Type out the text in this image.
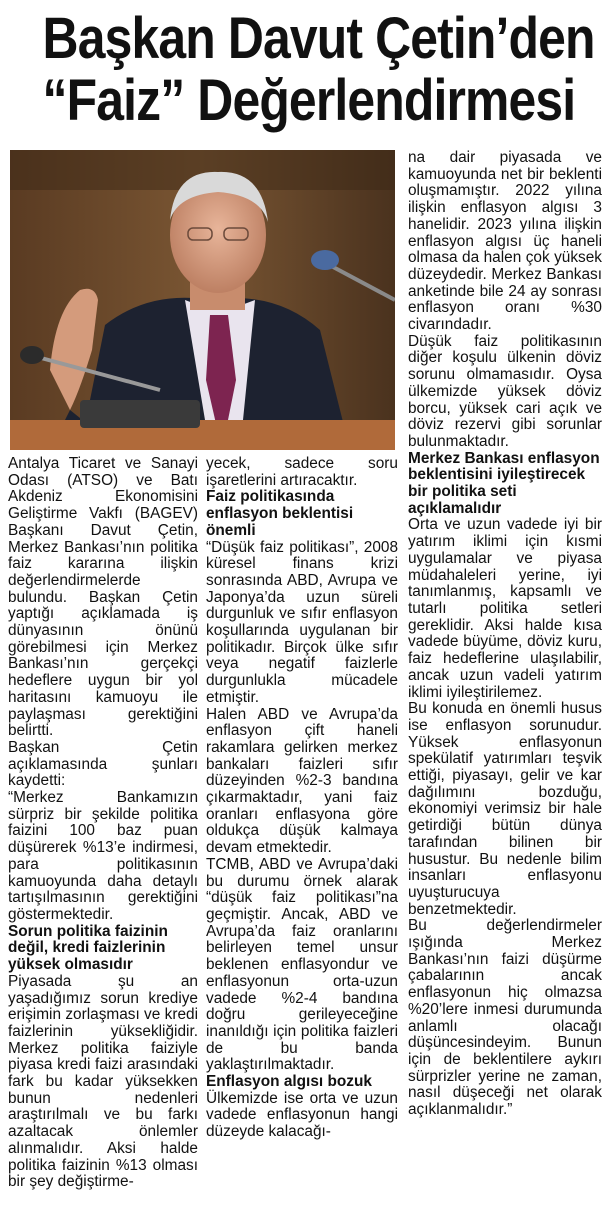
Başkan Davut Çetin’den
“Faiz” Değerlendirmesi

Antalya Ticaret ve Sanayi Odası (ATSO) ve Batı Akdeniz Ekonomisini Geliştirme Vakfı (BAGEV) Başkanı Davut Çetin, Merkez Bankası’nın politika faiz kararına ilişkin değerlendirmelerde bulundu. Başkan Çetin yaptığı açıklamada iş dünyasının önünü görebilmesi için Merkez Bankası’nın gerçekçi hedeflere uygun bir yol haritasını kamuoyu ile paylaşması gerektiğini belirtti.

Başkan Çetin açıklamasında şunları kaydetti:

“Merkez Bankamızın sürpriz bir şekilde politika faizini 100 baz puan düşürerek %13’e indirmesi, para politikasının kamuoyunda daha detaylı tartışılmasının gerektiğini göstermektedir.

Sorun politika faizinin değil, kredi faizlerinin yüksek olmasıdır

Piyasada şu an yaşadığımız sorun krediye erişimin zorlaşması ve kredi faizlerinin yüksekliğidir. Merkez politika faiziyle piyasa kredi faizi arasındaki fark bu kadar yüksekken bunun nedenleri araştırılmalı ve bu farkı azaltacak önlemler alınmalıdır. Aksi halde politika faizinin %13 olması bir şey değiştirme-

yecek, sadece soru işaretlerini artıracaktır.

Faiz politikasında enflasyon beklentisi önemli

“Düşük faiz politikası”, 2008 küresel finans krizi sonrasında ABD, Avrupa ve Japonya’da uzun süreli durgunluk ve sıfır enflasyon koşullarında uygulanan bir politikadır. Birçok ülke sıfır veya negatif faizlerle durgunlukla mücadele etmiştir.

Halen ABD ve Avrupa’da enflasyon çift haneli rakamlara gelirken merkez bankaları faizleri sıfır düzeyinden %2-3 bandına çıkarmaktadır, yani faiz oranları enflasyona göre oldukça düşük kalmaya devam etmektedir.

TCMB, ABD ve Avrupa’daki bu durumu örnek alarak “düşük faiz politikası”na geçmiştir. Ancak, ABD ve Avrupa’da faiz oranlarını belirleyen temel unsur beklenen enflasyondur ve enflasyonun orta-uzun vadede %2-4 bandına doğru gerileyeceğine inanıldığı için politika faizleri de bu banda yaklaştırılmaktadır.

Enflasyon algısı bozuk

Ülkemizde ise orta ve uzun vadede enflasyonun hangi düzeyde kalacağı-

na dair piyasada ve kamuoyunda net bir beklenti oluşmamıştır. 2022 yılına ilişkin enflasyon algısı 3 hanelidir. 2023 yılına ilişkin enflasyon algısı üç haneli olmasa da halen çok yüksek düzeydedir. Merkez Bankası anketinde bile 24 ay sonrası enflasyon oranı %30 civarındadır.

Düşük faiz politikasının diğer koşulu ülkenin döviz sorunu olmamasıdır. Oysa ülkemizde yüksek döviz borcu, yüksek cari açık ve döviz rezervi gibi sorunlar bulunmaktadır.

Merkez Bankası enflasyon beklentisini iyileştirecek bir politika seti açıklamalıdır

Orta ve uzun vadede iyi bir yatırım iklimi için kısmi uygulamalar ve piyasa müdahaleleri yerine, iyi tanımlanmış, kapsamlı ve tutarlı politika setleri gereklidir. Aksi halde kısa vadede büyüme, döviz kuru, faiz hedeflerine ulaşılabilir, ancak uzun vadeli yatırım iklimi iyileştirilemez.

Bu konuda en önemli husus ise enflasyon sorunudur. Yüksek enflasyonun spekülatif yatırımları teşvik ettiği, piyasayı, gelir ve kar dağılımını bozduğu, ekonomiyi verimsiz bir hale getirdiği bütün dünya tarafından bilinen bir husustur. Bu nedenle bilim insanları enflasyonu uyuşturucuya benzetmektedir.

Bu değerlendirmeler ışığında Merkez Bankası’nın faizi düşürme çabalarının ancak enflasyonun hiç olmazsa %20’lere inmesi durumunda anlamlı olacağı düşüncesindeyim. Bunun için de beklentilere aykırı sürprizler yerine ne zaman, nasıl düşeceği net olarak açıklanmalıdır.”
